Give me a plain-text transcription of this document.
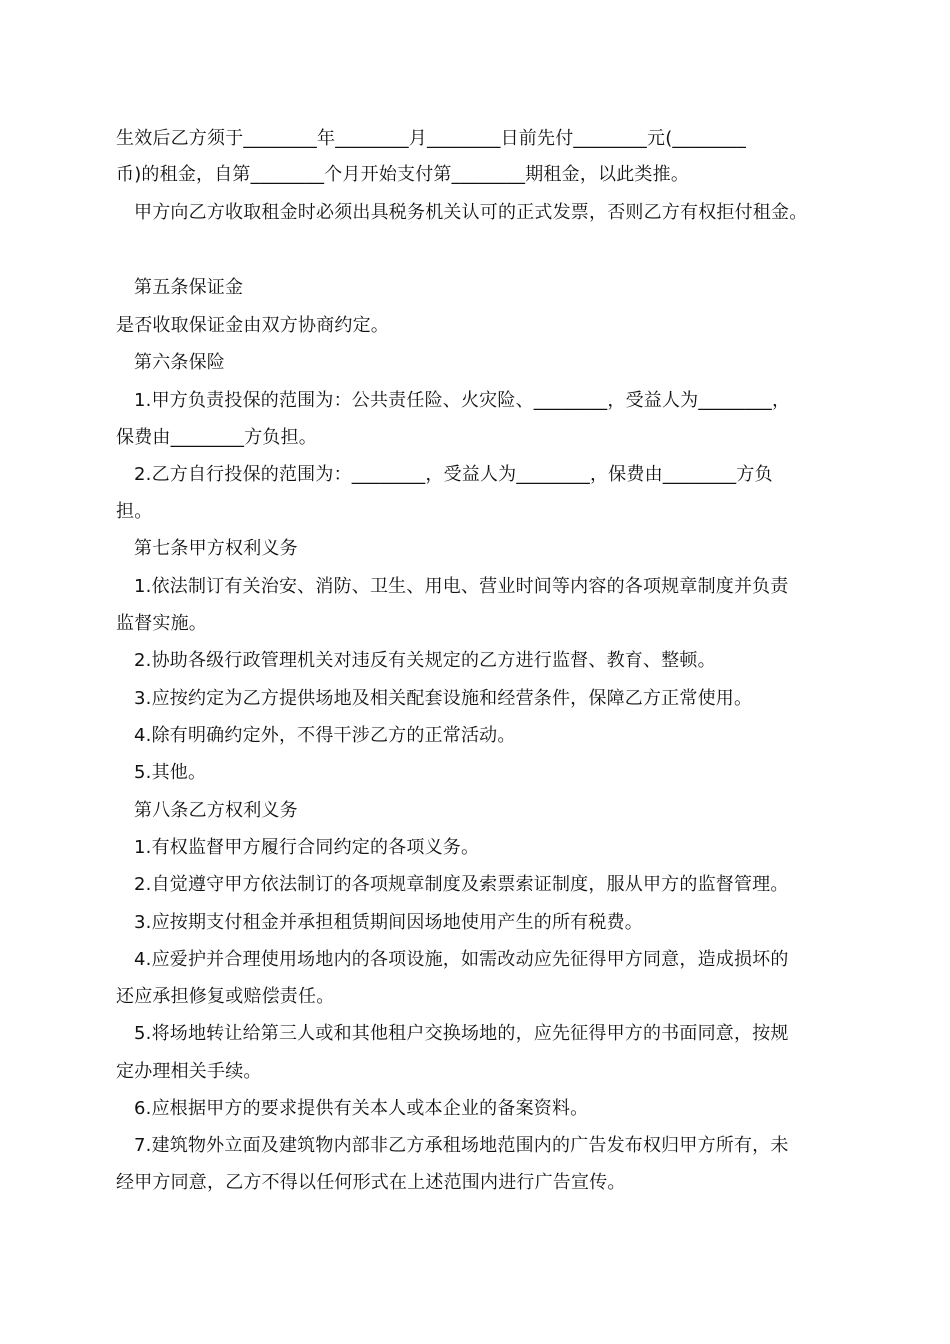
生效后乙方须于________年________月________日前先付________元(________
币)的租金，自第________个月开始支付第________期租金，以此类推。
甲方向乙方收取租金时必须出具税务机关认可的正式发票，否则乙方有权拒付租金。
第五条保证金
是否收取保证金由双方协商约定。
第六条保险
1.甲方负责投保的范围为：公共责任险、火灾险、________，受益人为________，
保费由________方负担。
2.乙方自行投保的范围为：________，受益人为________，保费由________方负
担。
第七条甲方权利义务
1.依法制订有关治安、消防、卫生、用电、营业时间等内容的各项规章制度并负责
监督实施。
2.协助各级行政管理机关对违反有关规定的乙方进行监督、教育、整顿。
3.应按约定为乙方提供场地及相关配套设施和经营条件，保障乙方正常使用。
4.除有明确约定外，不得干涉乙方的正常活动。
5.其他。
第八条乙方权利义务
1.有权监督甲方履行合同约定的各项义务。
2.自觉遵守甲方依法制订的各项规章制度及索票索证制度，服从甲方的监督管理。
3.应按期支付租金并承担租赁期间因场地使用产生的所有税费。
4.应爱护并合理使用场地内的各项设施，如需改动应先征得甲方同意，造成损坏的
还应承担修复或赔偿责任。
5.将场地转让给第三人或和其他租户交换场地的，应先征得甲方的书面同意，按规
定办理相关手续。
6.应根据甲方的要求提供有关本人或本企业的备案资料。
7.建筑物外立面及建筑物内部非乙方承租场地范围内的广告发布权归甲方所有，未
经甲方同意，乙方不得以任何形式在上述范围内进行广告宣传。
